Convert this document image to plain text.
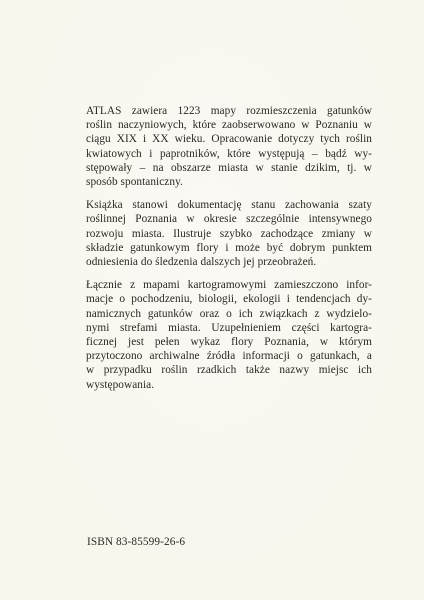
ATLAS zawiera 1223 mapy rozmieszczenia gatunków
roślin naczyniowych, które zaobserwowano w Poznaniu w
ciągu XIX i XX wieku. Opracowanie dotyczy tych roślin
kwiatowych i paprotników, które występują – bądź wy-
stępowały – na obszarze miasta w stanie dzikim, tj. w
sposób spontaniczny.

Książka stanowi dokumentację stanu zachowania szaty
roślinnej Poznania w okresie szczególnie intensywnego
rozwoju miasta. Ilustruje szybko zachodzące zmiany w
składzie gatunkowym flory i może być dobrym punktem
odniesienia do śledzenia dalszych jej przeobrażeń.

Łącznie z mapami kartogramowymi zamieszczono infor-
macje o pochodzeniu, biologii, ekologii i tendencjach dy-
namicznych gatunków oraz o ich związkach z wydzielo-
nymi strefami miasta. Uzupełnieniem części kartogra-
ficznej jest pełen wykaz flory Poznania, w którym
przytoczono archiwalne źródła informacji o gatunkach, a
w przypadku roślin rzadkich także nazwy miejsc ich
występowania.

ISBN 83-85599-26-6
